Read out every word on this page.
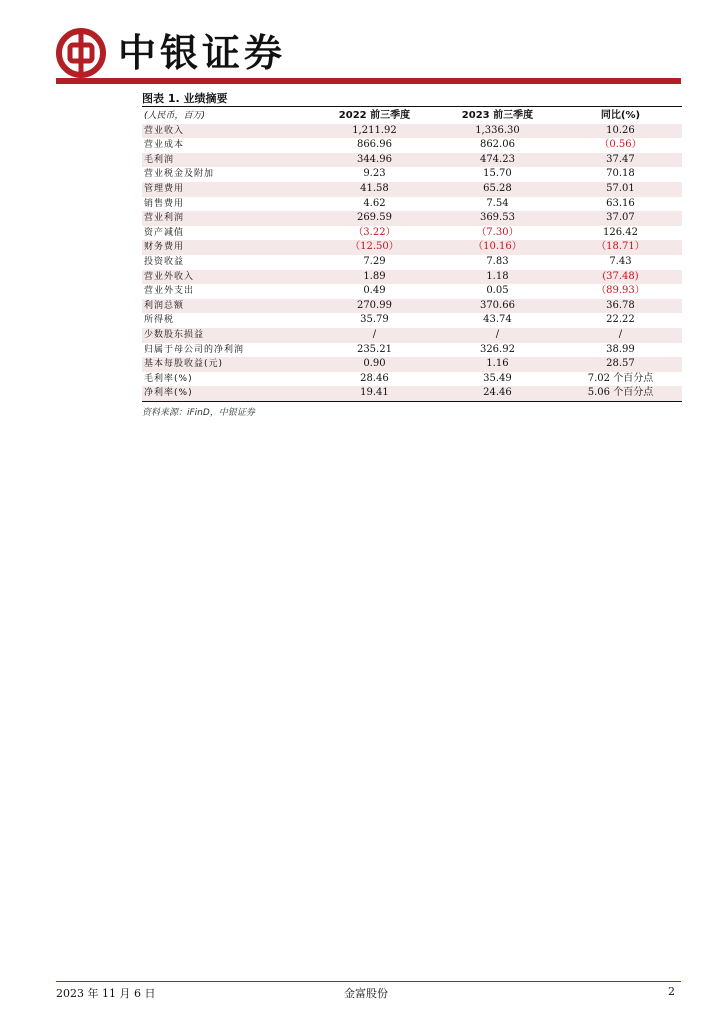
中银证券
图表 1. 业绩摘要
(人民币，百万)	2022 前三季度	2023 前三季度	同比(%)
营业收入	1,211.92	1,336.30	10.26
营业成本	866.96	862.06	（0.56）
毛利润	344.96	474.23	37.47
营业税金及附加	9.23	15.70	70.18
管理费用	41.58	65.28	57.01
销售费用	4.62	7.54	63.16
营业利润	269.59	369.53	37.07
资产减值	（3.22）	（7.30）	126.42
财务费用	（12.50）	（10.16）	（18.71）
投资收益	7.29	7.83	7.43
营业外收入	1.89	1.18	(37.48)
营业外支出	0.49	0.05	（89.93）
利润总额	270.99	370.66	36.78
所得税	35.79	43.74	22.22
少数股东损益	/	/	/
归属于母公司的净利润	235.21	326.92	38.99
基本每股收益(元)	0.90	1.16	28.57
毛利率(%)	28.46	35.49	7.02 个百分点
净利率(%)	19.41	24.46	5.06 个百分点
资料来源：iFinD，中银证券
2023 年 11 月 6 日	金富股份	2
